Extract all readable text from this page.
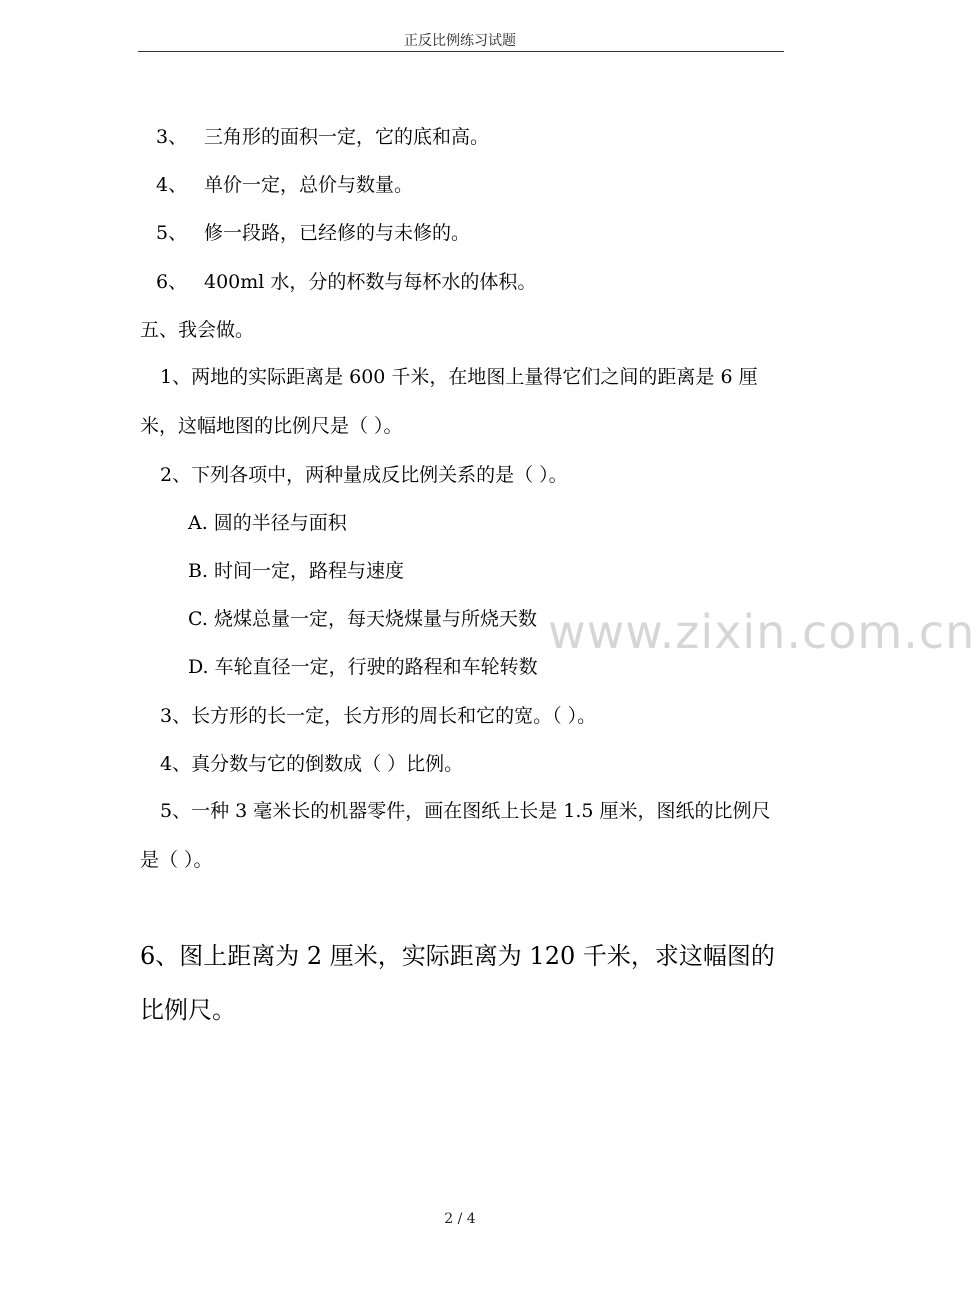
正反比例练习试题
3、 三角形的面积一定，它的底和高。
4、 单价一定，总价与数量。
5、 修一段路，已经修的与未修的。
6、 400ml 水，分的杯数与每杯水的体积。
五、我会做。
1、两地的实际距离是 600 千米，在地图上量得它们之间的距离是 6 厘米，这幅地图的比例尺是（ ）。
2、下列各项中，两种量成反比例关系的是（ ）。
A. 圆的半径与面积
B. 时间一定，路程与速度
C. 烧煤总量一定，每天烧煤量与所烧天数
D. 车轮直径一定，行驶的路程和车轮转数
3、长方形的长一定，长方形的周长和它的宽。（ ）。
4、真分数与它的倒数成（ ）比例。
5、一种 3 毫米长的机器零件，画在图纸上长是 1.5 厘米，图纸的比例尺是（ ）。
6、图上距离为 2 厘米，实际距离为 120 千米，求这幅图的比例尺。
www.zixin.com.cn
2 / 4
